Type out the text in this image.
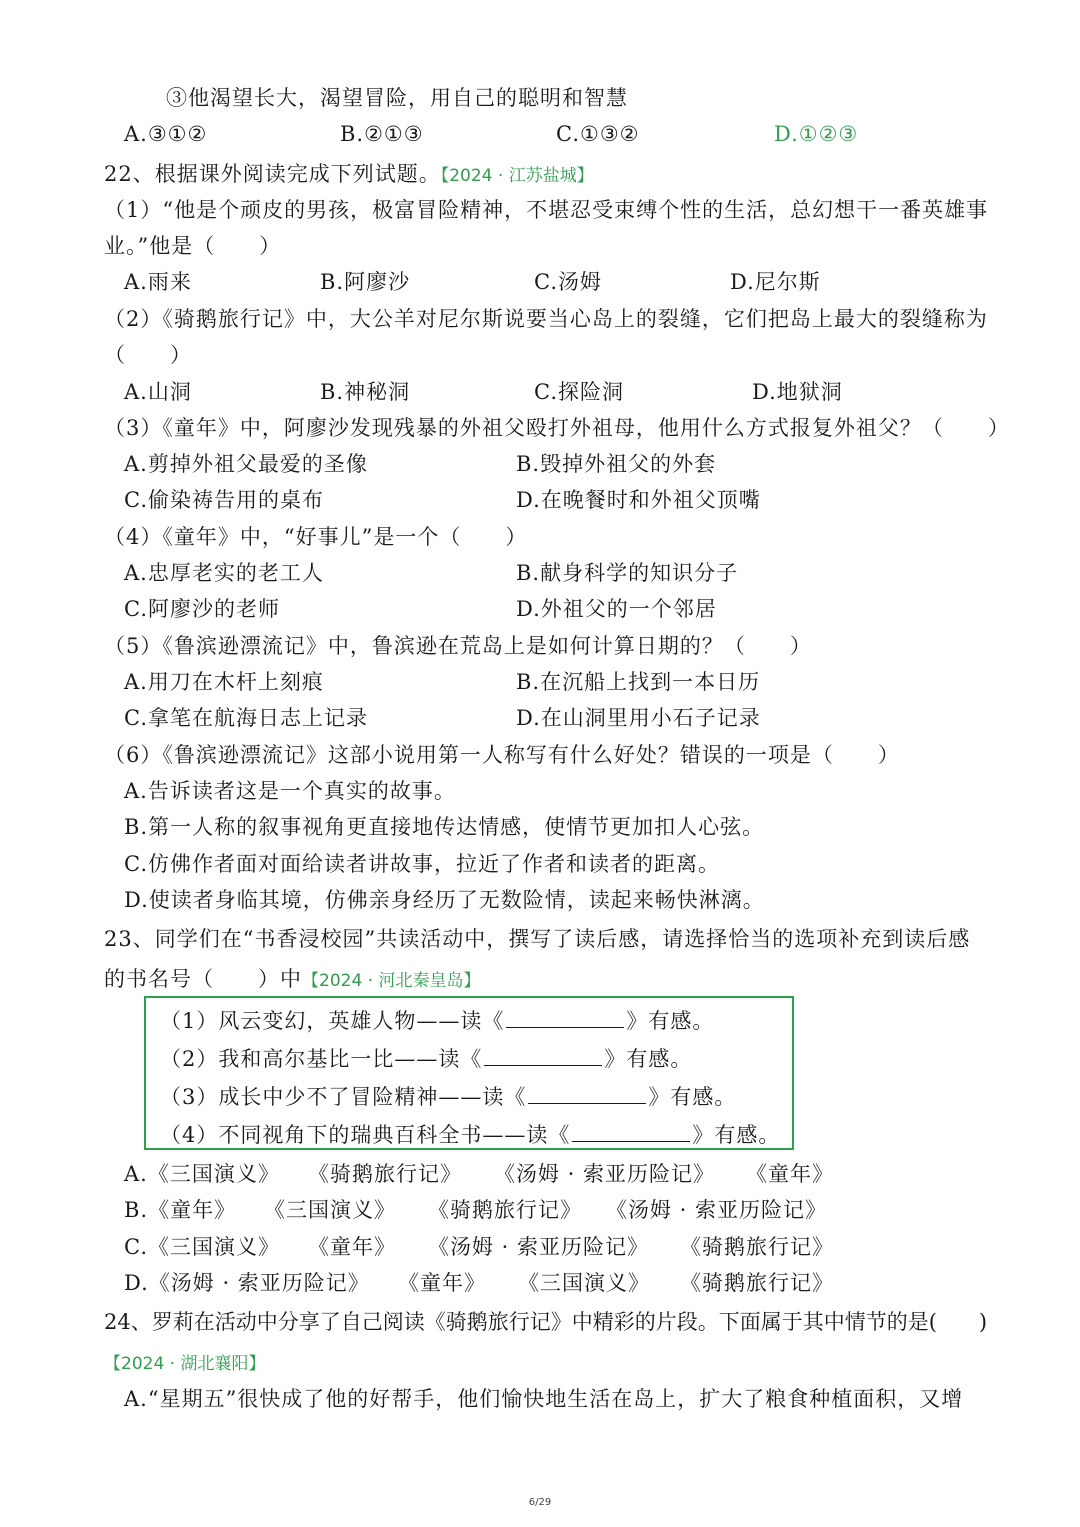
③他渴望长大，渴望冒险，用自己的聪明和智慧
A.③①②	B.②①③	C.①③②	D.①②③
22、根据课外阅读完成下列试题。【2024 · 江苏盐城】
（1）“他是个顽皮的男孩，极富冒险精神，不堪忍受束缚个性的生活，总幻想干一番英雄事
业。”他是（　　）
A.雨来	B.阿廖沙	C.汤姆	D.尼尔斯
（2）《骑鹅旅行记》中，大公羊对尼尔斯说要当心岛上的裂缝，它们把岛上最大的裂缝称为
（　　）
A.山洞	B.神秘洞	C.探险洞	D.地狱洞
（3）《童年》中，阿廖沙发现残暴的外祖父殴打外祖母，他用什么方式报复外祖父？（　　）
A.剪掉外祖父最爱的圣像	B.毁掉外祖父的外套
C.偷染祷告用的桌布	D.在晚餐时和外祖父顶嘴
（4）《童年》中，“好事儿”是一个（　　）
A.忠厚老实的老工人	B.献身科学的知识分子
C.阿廖沙的老师	D.外祖父的一个邻居
（5）《鲁滨逊漂流记》中，鲁滨逊在荒岛上是如何计算日期的？（　　）
A.用刀在木杆上刻痕	B.在沉船上找到一本日历
C.拿笔在航海日志上记录	D.在山洞里用小石子记录
（6）《鲁滨逊漂流记》这部小说用第一人称写有什么好处？错误的一项是（　　）
A.告诉读者这是一个真实的故事。
B.第一人称的叙事视角更直接地传达情感，使情节更加扣人心弦。
C.仿佛作者面对面给读者讲故事，拉近了作者和读者的距离。
D.使读者身临其境，仿佛亲身经历了无数险情，读起来畅快淋漓。
23、同学们在“书香浸校园”共读活动中，撰写了读后感，请选择恰当的选项补充到读后感
的书名号（　　）中【2024 · 河北秦皇岛】
（1）风云变幻，英雄人物——读《	》有感。
（2）我和高尔基比一比——读《	》有感。
（3）成长中少不了冒险精神——读《	》有感。
（4）不同视角下的瑞典百科全书——读《	》有感。
A.《三国演义》 《骑鹅旅行记》 《汤姆 · 索亚历险记》 《童年》
B.《童年》 《三国演义》 《骑鹅旅行记》 《汤姆 · 索亚历险记》
C.《三国演义》 《童年》 《汤姆 · 索亚历险记》 《骑鹅旅行记》
D.《汤姆 · 索亚历险记》 《童年》 《三国演义》 《骑鹅旅行记》
24、罗莉在活动中分享了自己阅读《骑鹅旅行记》中精彩的片段。下面属于其中情节的是(　　)
【2024 · 湖北襄阳】
A.“星期五”很快成了他的好帮手，他们愉快地生活在岛上，扩大了粮食种植面积，又增
6/29
